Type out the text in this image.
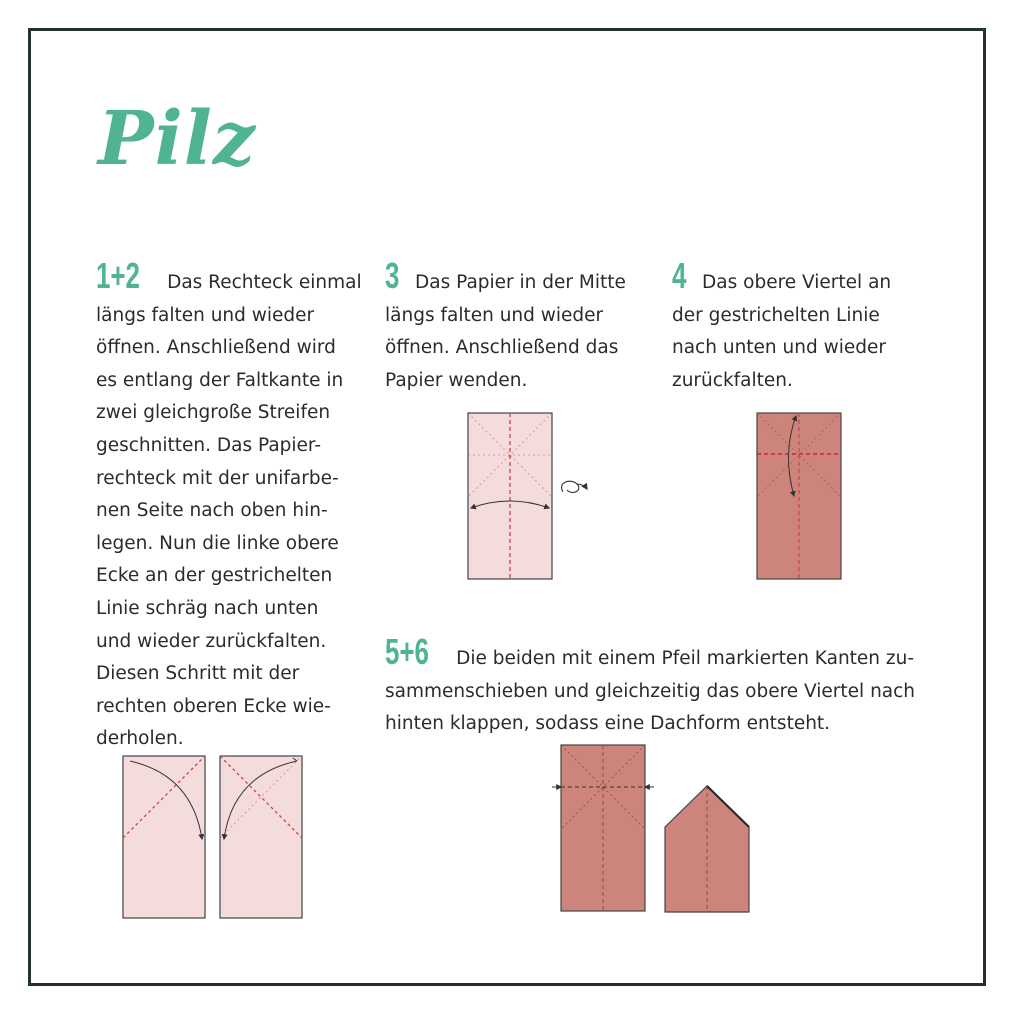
Pilz
1+2 Das Rechteck einmal
längs falten und wieder
öffnen. Anschließend wird
es entlang der Faltkante in
zwei gleichgroße Streifen
geschnitten. Das Papier-
rechteck mit der unifarbe-
nen Seite nach oben hin-
legen. Nun die linke obere
Ecke an der gestrichelten
Linie schräg nach unten
und wieder zurückfalten.
Diesen Schritt mit der
rechten oberen Ecke wie-
derholen.
3 Das Papier in der Mitte
längs falten und wieder
öffnen. Anschließend das
Papier wenden.
4 Das obere Viertel an
der gestrichelten Linie
nach unten und wieder
zurückfalten.
5+6 Die beiden mit einem Pfeil markierten Kanten zu-
sammenschieben und gleichzeitig das obere Viertel nach
hinten klappen, sodass eine Dachform entsteht.
